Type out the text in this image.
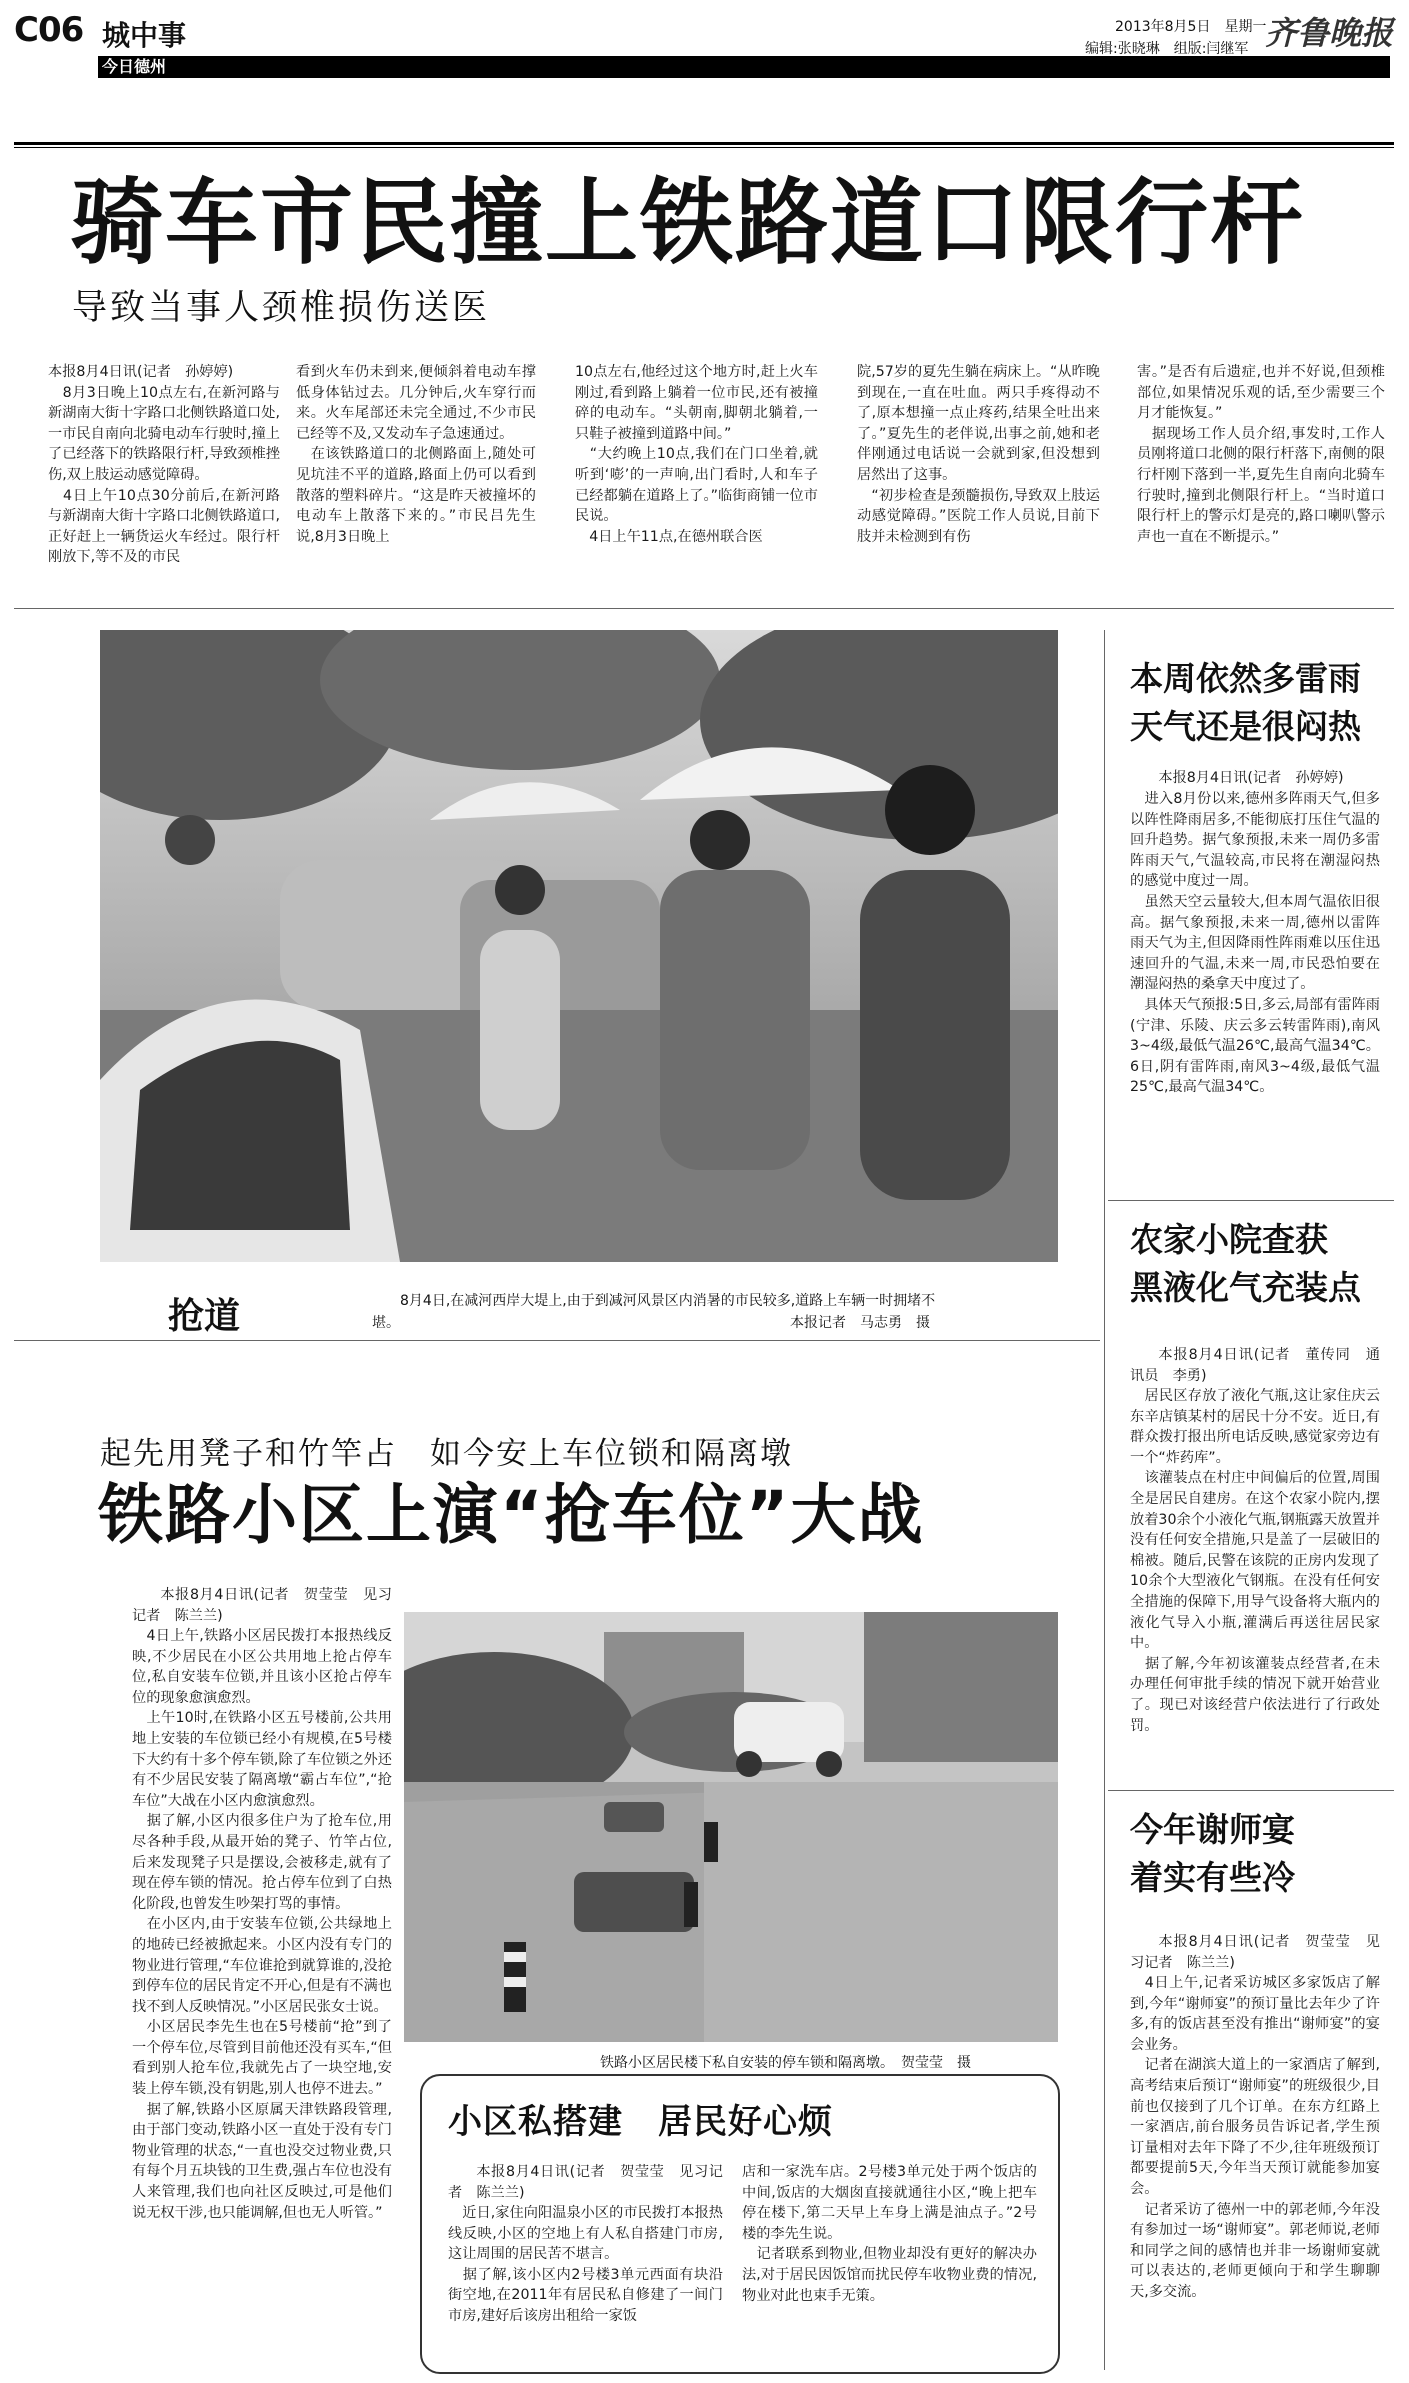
C06 城中事
今日德州
2013年8月5日　星期一
编辑:张晓琳　组版:闫继军 齐鲁晚报
骑车市民撞上铁路道口限行杆
导致当事人颈椎损伤送医
本报8月4日讯(记者　孙婷婷)
　8月3日晚上10点左右,在新河路与新湖南大街十字路口北侧铁路道口处,一市民自南向北骑电动车行驶时,撞上了已经落下的铁路限行杆,导致颈椎挫伤,双上肢运动感觉障碍。
　4日上午10点30分前后,在新河路与新湖南大街十字路口北侧铁路道口,正好赶上一辆货运火车经过。限行杆刚放下,等不及的市民
看到火车仍未到来,便倾斜着电动车撑低身体钻过去。几分钟后,火车穿行而来。火车尾部还未完全通过,不少市民已经等不及,又发动车子急速通过。
　在该铁路道口的北侧路面上,随处可见坑洼不平的道路,路面上仍可以看到散落的塑料碎片。“这是昨天被撞坏的电动车上散落下来的。”市民吕先生说,8月3日晚上
10点左右,他经过这个地方时,赶上火车刚过,看到路上躺着一位市民,还有被撞碎的电动车。“头朝南,脚朝北躺着,一只鞋子被撞到道路中间。”
　“大约晚上10点,我们在门口坐着,就听到‘嘭’的一声响,出门看时,人和车子已经都躺在道路上了。”临街商铺一位市民说。
　4日上午11点,在德州联合医
院,57岁的夏先生躺在病床上。“从昨晚到现在,一直在吐血。两只手疼得动不了,原本想撞一点止疼药,结果全吐出来了。”夏先生的老伴说,出事之前,她和老伴刚通过电话说一会就到家,但没想到居然出了这事。
　“初步检查是颈髓损伤,导致双上肢运动感觉障碍。”医院工作人员说,目前下肢并未检测到有伤
害。”是否有后遗症,也并不好说,但颈椎部位,如果情况乐观的话,至少需要三个月才能恢复。”
　据现场工作人员介绍,事发时,工作人员刚将道口北侧的限行杆落下,南侧的限行杆刚下落到一半,夏先生自南向北骑车行驶时,撞到北侧限行杆上。“当时道口限行杆上的警示灯是亮的,路口喇叭警示声也一直在不断提示。”
抢道	8月4日,在减河西岸大堤上,由于到减河风景区内消暑的市民较多,道路上车辆一时拥堵不堪。	本报记者　马志勇　摄
本周依然多雷雨
天气还是很闷热
本报8月4日讯(记者　孙婷婷)
　进入8月份以来,德州多阵雨天气,但多以阵性降雨居多,不能彻底打压住气温的回升趋势。据气象预报,未来一周仍多雷阵雨天气,气温较高,市民将在潮湿闷热的感觉中度过一周。
　虽然天空云量较大,但本周气温依旧很高。据气象预报,未来一周,德州以雷阵雨天气为主,但因降雨性阵雨难以压住迅速回升的气温,未来一周,市民恐怕要在潮湿闷热的桑拿天中度过了。
　具体天气预报:5日,多云,局部有雷阵雨(宁津、乐陵、庆云多云转雷阵雨),南风3~4级,最低气温26℃,最高气温34℃。6日,阴有雷阵雨,南风3~4级,最低气温25℃,最高气温34℃。
农家小院查获
黑液化气充装点
本报8月4日讯(记者　董传同　通讯员　李勇)
　居民区存放了液化气瓶,这让家住庆云东辛店镇某村的居民十分不安。近日,有群众拨打报出所电话反映,感觉家旁边有一个“炸药库”。
　该灌装点在村庄中间偏后的位置,周围全是居民自建房。在这个农家小院内,摆放着30余个小液化气瓶,钢瓶露天放置并没有任何安全措施,只是盖了一层破旧的棉被。随后,民警在该院的正房内发现了10余个大型液化气钢瓶。在没有任何安全措施的保障下,用导气设备将大瓶内的液化气导入小瓶,灌满后再送往居民家中。
　据了解,今年初该灌装点经营者,在未办理任何审批手续的情况下就开始营业了。现已对该经营户依法进行了行政处罚。
今年谢师宴
着实有些冷
本报8月4日讯(记者　贺莹莹　见习记者　陈兰兰)
　4日上午,记者采访城区多家饭店了解到,今年“谢师宴”的预订量比去年少了许多,有的饭店甚至没有推出“谢师宴”的宴会业务。
　记者在湖滨大道上的一家酒店了解到,高考结束后预订“谢师宴”的班级很少,目前也仅接到了几个订单。在东方红路上一家酒店,前台服务员告诉记者,学生预订量相对去年下降了不少,往年班级预订都要提前5天,今年当天预订就能参加宴会。
　记者采访了德州一中的郭老师,今年没有参加过一场“谢师宴”。郭老师说,老师和同学之间的感情也并非一场谢师宴就可以表达的,老师更倾向于和学生聊聊天,多交流。
起先用凳子和竹竿占　如今安上车位锁和隔离墩
铁路小区上演“抢车位”大战
本报8月4日讯(记者　贺莹莹　见习记者　陈兰兰)
　4日上午,铁路小区居民拨打本报热线反映,不少居民在小区公共用地上抢占停车位,私自安装车位锁,并且该小区抢占停车位的现象愈演愈烈。
　上午10时,在铁路小区五号楼前,公共用地上安装的车位锁已经小有规模,在5号楼下大约有十多个停车锁,除了车位锁之外还有不少居民安装了隔离墩“霸占车位”,“抢车位”大战在小区内愈演愈烈。
　据了解,小区内很多住户为了抢车位,用尽各种手段,从最开始的凳子、竹竿占位,后来发现凳子只是摆设,会被移走,就有了现在停车锁的情况。抢占停车位到了白热化阶段,也曾发生吵架打骂的事情。
　在小区内,由于安装车位锁,公共绿地上的地砖已经被掀起来。小区内没有专门的物业进行管理,“车位谁抢到就算谁的,没抢到停车位的居民肯定不开心,但是有不满也找不到人反映情况。”小区居民张女士说。
　小区居民李先生也在5号楼前“抢”到了一个停车位,尽管到目前他还没有买车,“但看到别人抢车位,我就先占了一块空地,安装上停车锁,没有钥匙,别人也停不进去。”
　据了解,铁路小区原属天津铁路段管理,由于部门变动,铁路小区一直处于没有专门物业管理的状态,“一直也没交过物业费,只有每个月五块钱的卫生费,强占车位也没有人来管理,我们也向社区反映过,可是他们说无权干涉,也只能调解,但也无人听管。”
铁路小区居民楼下私自安装的停车锁和隔离墩。　贺莹莹　摄
小区私搭建　居民好心烦
本报8月4日讯(记者　贺莹莹　见习记者　陈兰兰)
　近日,家住向阳温泉小区的市民拨打本报热线反映,小区的空地上有人私自搭建门市房,这让周围的居民苦不堪言。
　据了解,该小区内2号楼3单元西面有块沿街空地,在2011年有居民私自修建了一间门市房,建好后该房出租给一家饭
店和一家洗车店。2号楼3单元处于两个饭店的中间,饭店的大烟囱直接就通往小区,“晚上把车停在楼下,第二天早上车身上满是油点子。”2号楼的李先生说。
　记者联系到物业,但物业却没有更好的解决办法,对于居民因饭馆而扰民停车收物业费的情况,物业对此也束手无策。
